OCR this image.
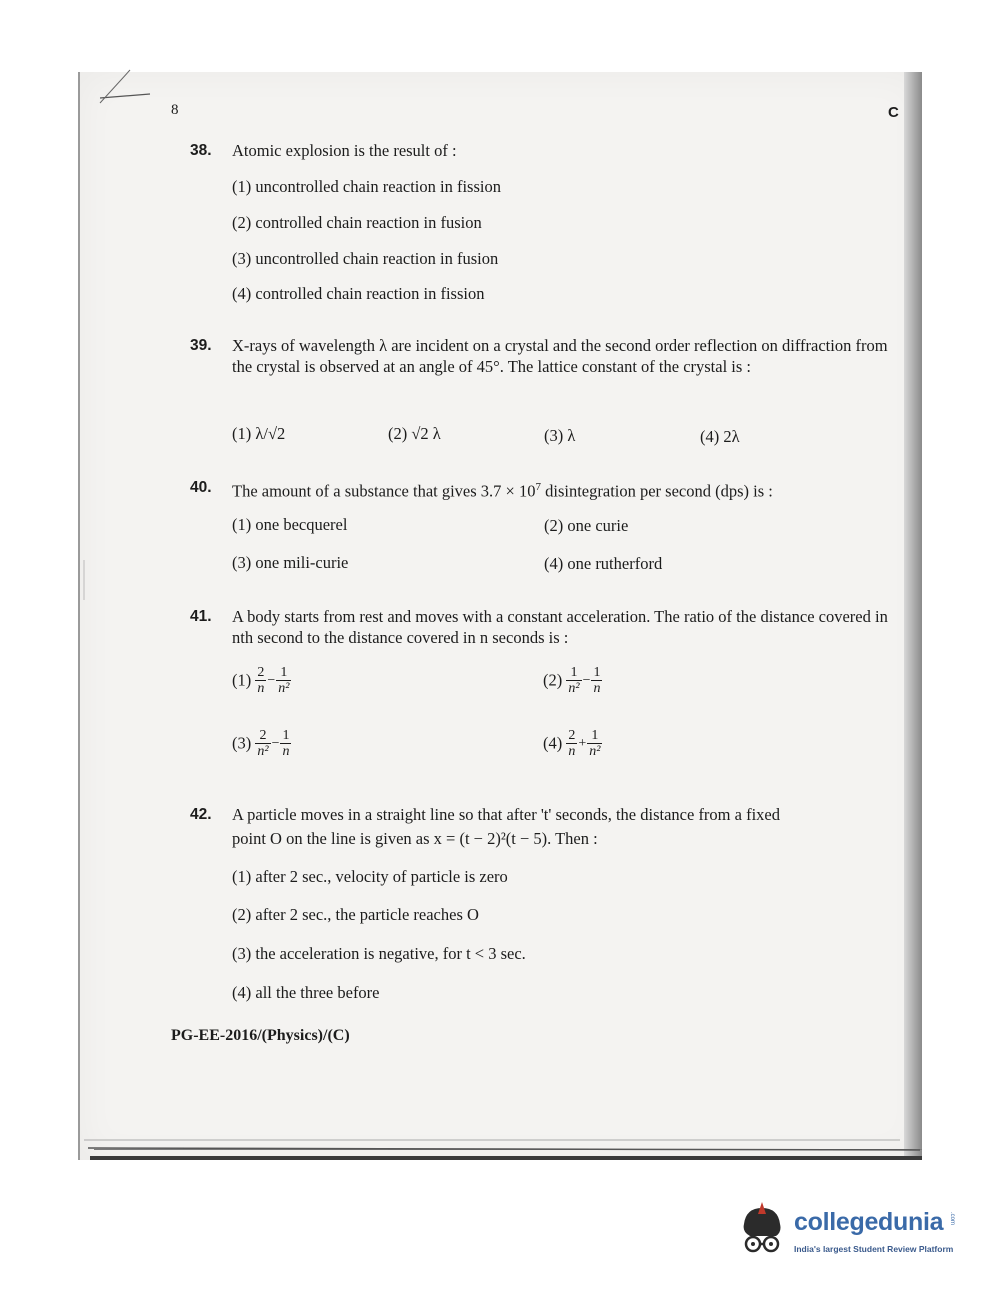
8	C
38. Atomic explosion is the result of :
(1) uncontrolled chain reaction in fission
(2) controlled chain reaction in fusion
(3) uncontrolled chain reaction in fusion
(4) controlled chain reaction in fission
39. X-rays of wavelength λ are incident on a crystal and the second order reflection on diffraction from the crystal is observed at an angle of 45°. The lattice constant of the crystal is :
(1) λ/√2	(2) √2 λ	(3) λ	(4) 2λ
40. The amount of a substance that gives $3.7 \times 10^7$ disintegration per second (dps) is :
(1) one becquerel	(2) one curie
(3) one mili-curie	(4) one rutherford
41. A body starts from rest and moves with a constant acceleration. The ratio of the distance covered in nth second to the distance covered in n seconds is :
$(1) \frac{2}{n} - \frac{1}{\text{n²}}$	$(2) \frac{1}{\text{n²}} - \frac{1}{n}$
$(3) \frac{2}{\text{n²}} - \frac{1}{n}$	$(4) \frac{2}{n} + \frac{1}{\text{n²}}$
42. A particle moves in a straight line so that after 't' seconds, the distance from a fixed
point O on the line is given as x = (t − 2)²(t − 5). Then :
(1) after 2 sec., velocity of particle is zero
(2) after 2 sec., the particle reaches O
(3) the acceleration is negative, for t < 3 sec.
(4) all the three before
PG-EE-2016/(Physics)/(C)
collegedunia .com
India's largest Student Review Platform
